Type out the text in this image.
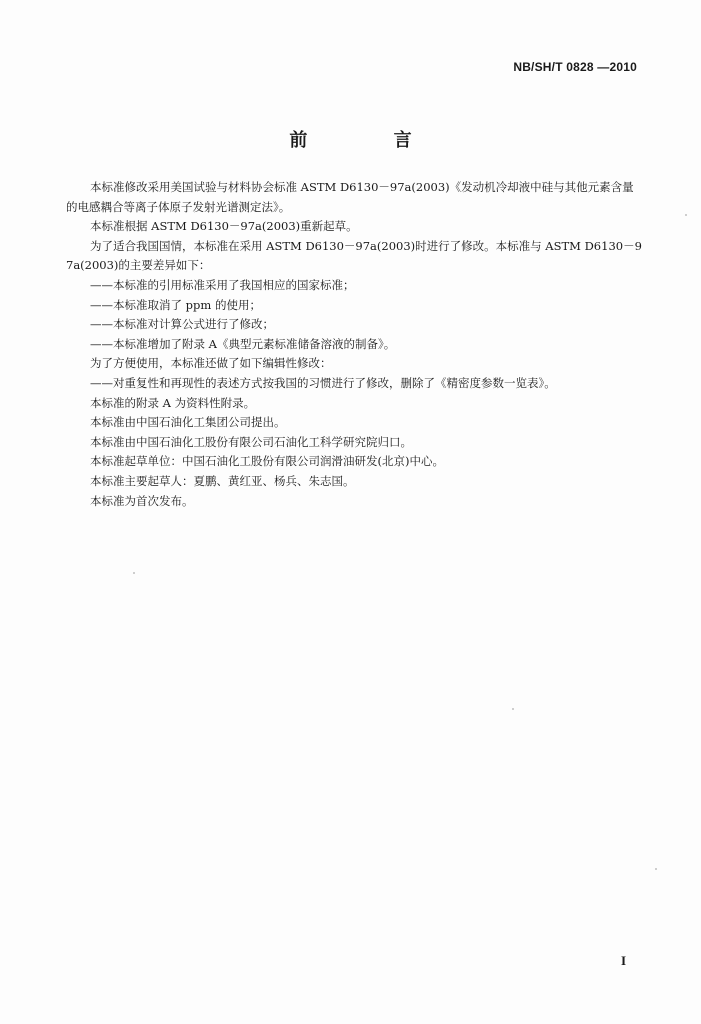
NB/SH/T 0828 —2010
前 言

本标准修改采用美国试验与材料协会标准 ASTM D6130－97a(2003)《发动机冷却液中硅与其他元素含量的电感耦合等离子体原子发射光谱测定法》。

本标准根据 ASTM D6130－97a(2003)重新起草。

为了适合我国国情，本标准在采用 ASTM D6130－97a(2003)时进行了修改。本标准与 ASTM D6130－97a(2003)的主要差异如下：

——本标准的引用标准采用了我国相应的国家标准；

——本标准取消了 ppm 的使用；

——本标准对计算公式进行了修改；

——本标准增加了附录 A《典型元素标准储备溶液的制备》。

为了方便使用，本标准还做了如下编辑性修改：

——对重复性和再现性的表述方式按我国的习惯进行了修改，删除了《精密度参数一览表》。

本标准的附录 A 为资料性附录。

本标准由中国石油化工集团公司提出。

本标准由中国石油化工股份有限公司石油化工科学研究院归口。

本标准起草单位：中国石油化工股份有限公司润滑油研发(北京)中心。

本标准主要起草人：夏鹏、黄红亚、杨兵、朱志国。

本标准为首次发布。

I
